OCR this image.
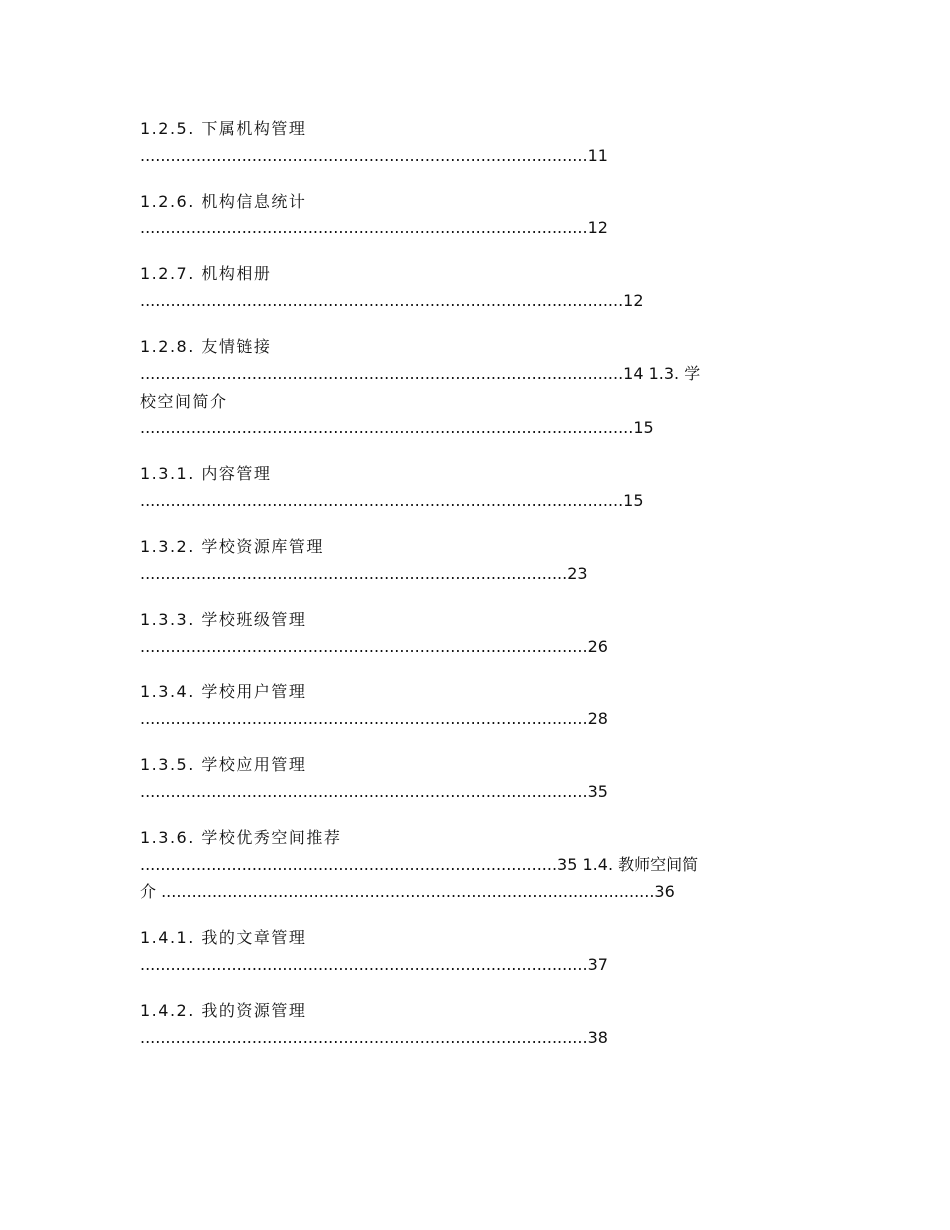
1.2.5. 下属机构管理
........................................................................................11
1.2.6. 机构信息统计
........................................................................................12
1.2.7. 机构相册
...............................................................................................12
1.2.8. 友情链接
...............................................................................................14 1.3. 学
校空间简介
.................................................................................................15
1.3.1. 内容管理
...............................................................................................15
1.3.2. 学校资源库管理
....................................................................................23
1.3.3. 学校班级管理
........................................................................................26
1.3.4. 学校用户管理
........................................................................................28
1.3.5. 学校应用管理
........................................................................................35
1.3.6. 学校优秀空间推荐
..................................................................................35 1.4. 教师空间简
介 .................................................................................................36
1.4.1. 我的文章管理
........................................................................................37
1.4.2. 我的资源管理
........................................................................................38
